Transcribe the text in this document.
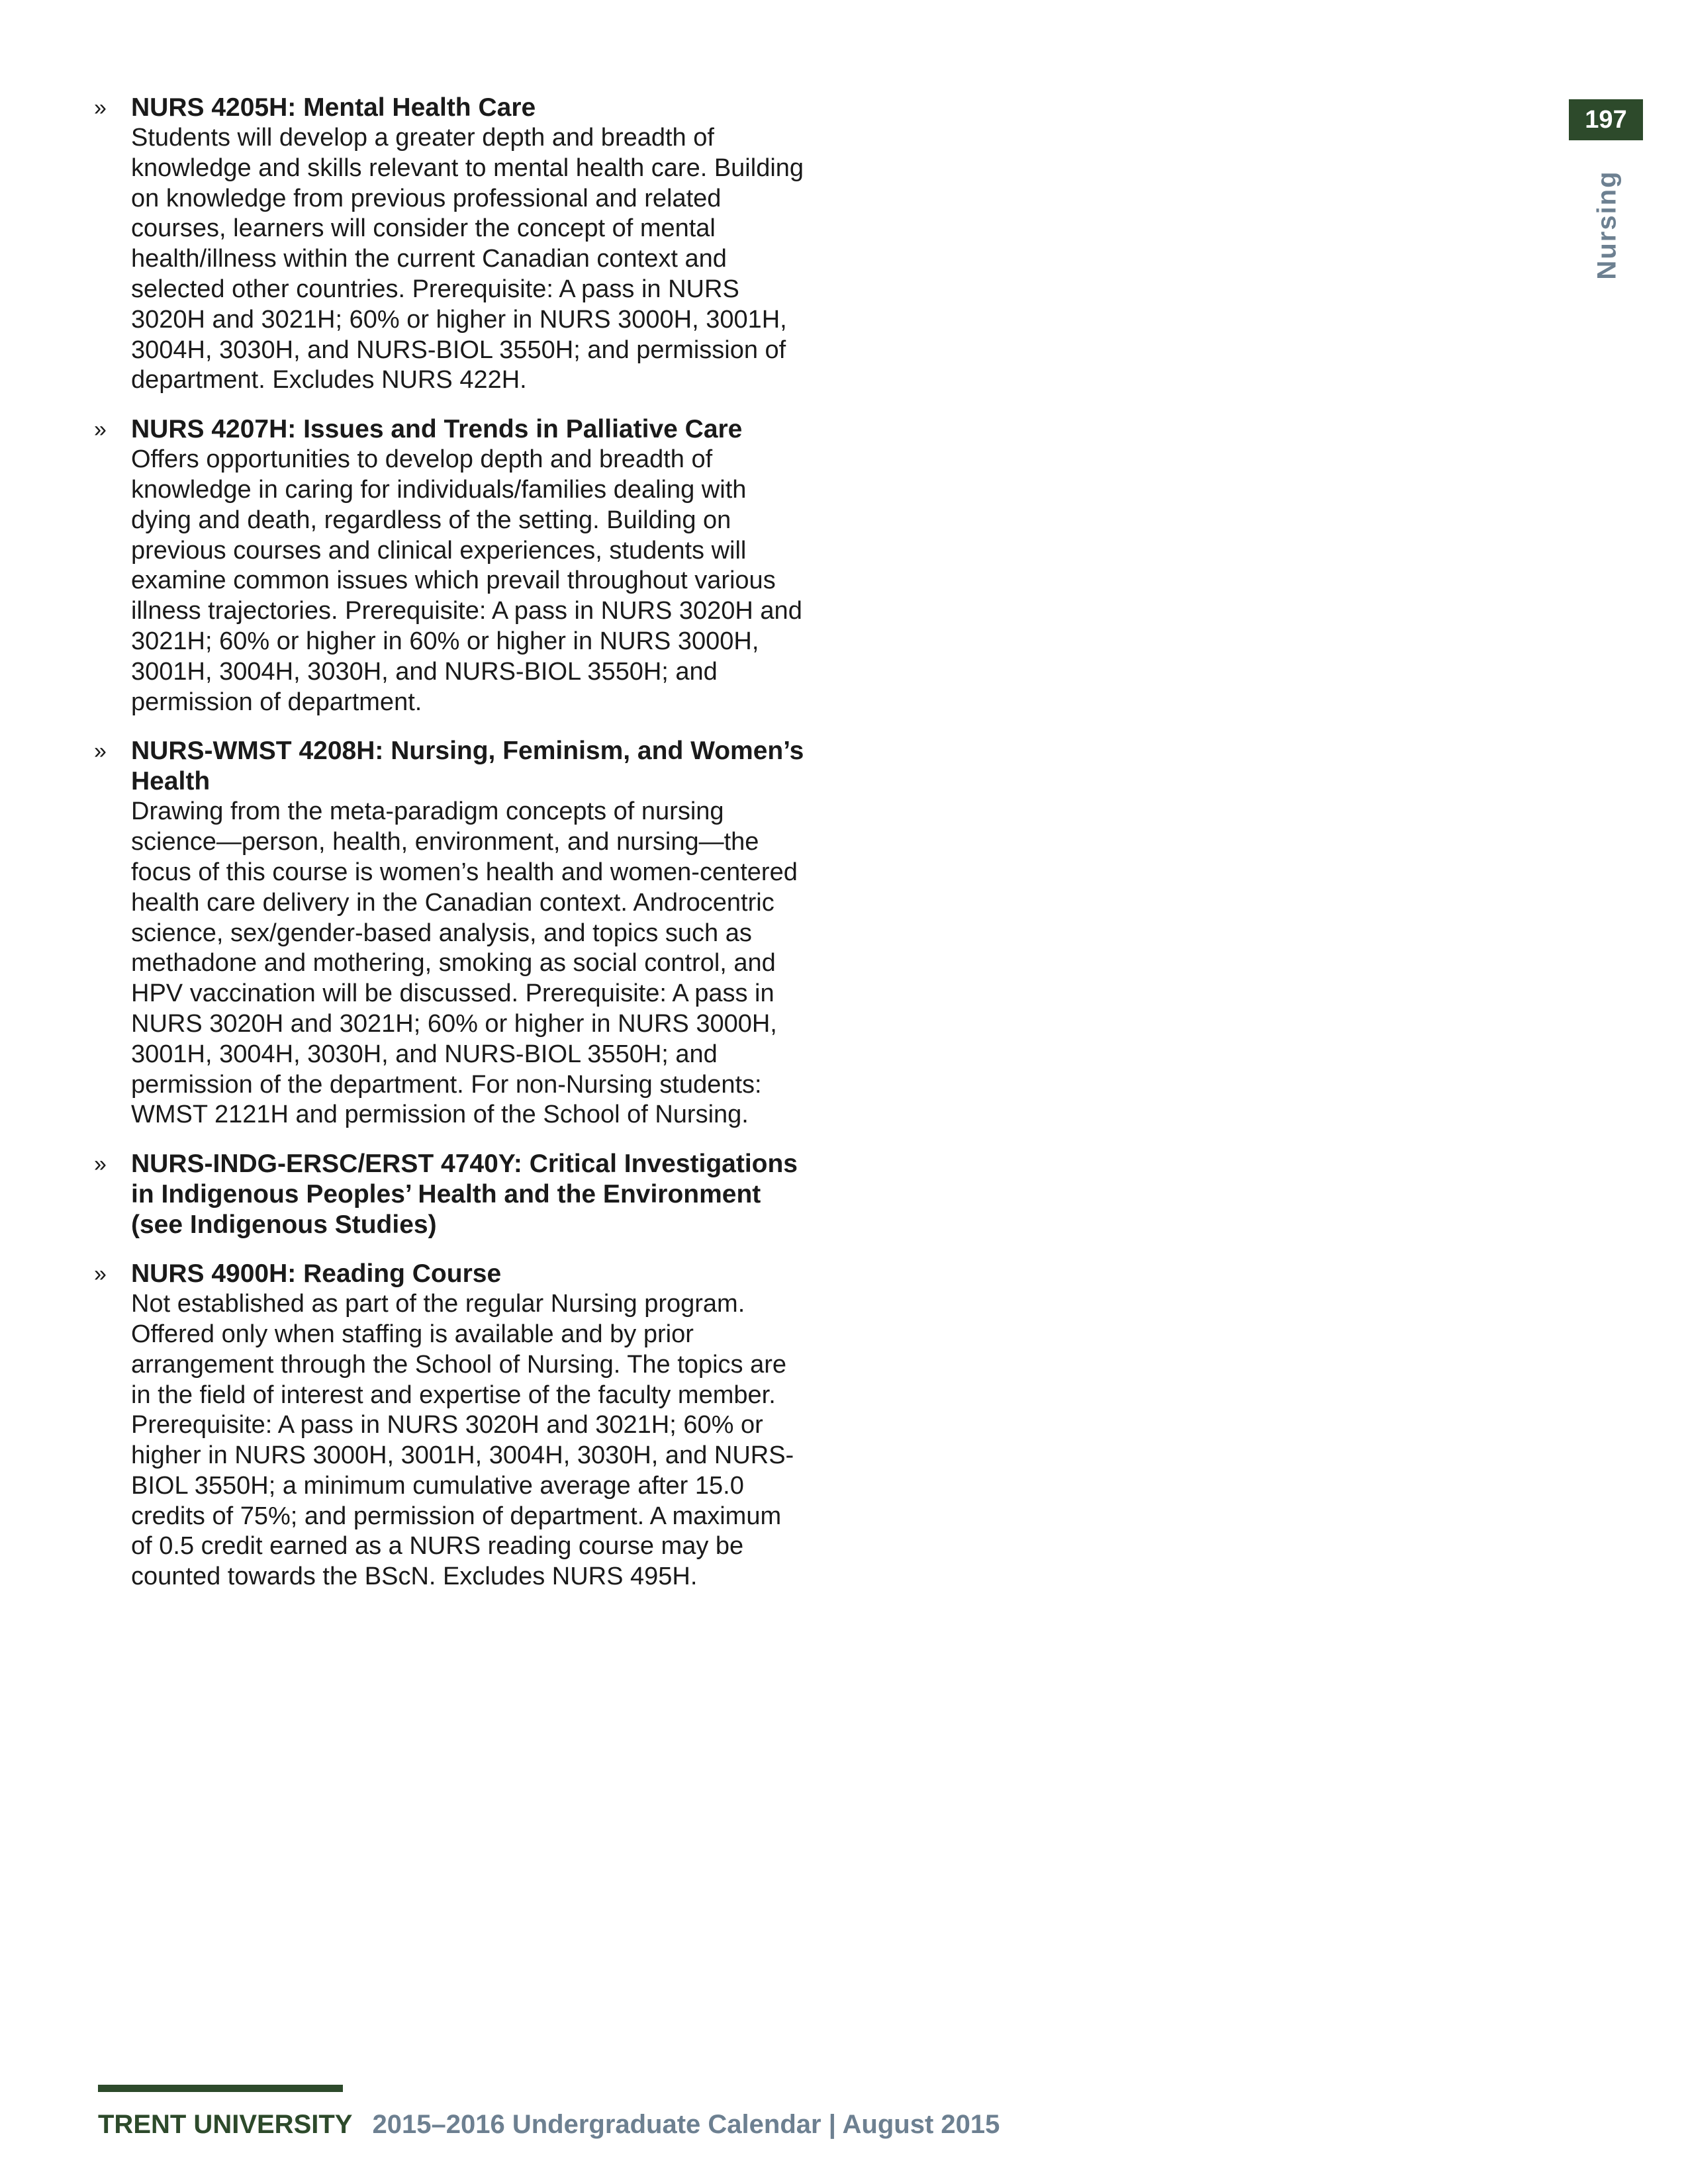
197
Nursing
» NURS 4205H: Mental Health Care

Students will develop a greater depth and breadth of knowledge and skills relevant to mental health care. Building on knowledge from previous professional and related courses, learners will consider the concept of mental health/illness within the current Canadian context and selected other countries. Prerequisite: A pass in NURS 3020H and 3021H; 60% or higher in NURS 3000H, 3001H, 3004H, 3030H, and NURS-BIOL 3550H; and permission of department. Excludes NURS 422H.

» NURS 4207H: Issues and Trends in Palliative Care

Offers opportunities to develop depth and breadth of knowledge in caring for individuals/families dealing with dying and death, regardless of the setting. Building on previous courses and clinical experiences, students will examine common issues which prevail throughout various illness trajectories. Prerequisite: A pass in NURS 3020H and 3021H; 60% or higher in 60% or higher in NURS 3000H, 3001H, 3004H, 3030H, and NURS-BIOL 3550H; and permission of department.

» NURS-WMST 4208H: Nursing, Feminism, and Women’s Health

Drawing from the meta-paradigm concepts of nursing science—person, health, environment, and nursing—the focus of this course is women’s health and women-centered health care delivery in the Canadian context. Androcentric science, sex/gender-based analysis, and topics such as methadone and mothering, smoking as social control, and HPV vaccination will be discussed. Prerequisite: A pass in NURS 3020H and 3021H; 60% or higher in NURS 3000H, 3001H, 3004H, 3030H, and NURS-BIOL 3550H; and permission of the department. For non-Nursing students: WMST 2121H and permission of the School of Nursing.

» NURS-INDG-ERSC/ERST 4740Y: Critical Investigations in Indigenous Peoples’ Health and the Environment (see Indigenous Studies)

» NURS 4900H: Reading Course

Not established as part of the regular Nursing program. Offered only when staffing is available and by prior arrangement through the School of Nursing. The topics are in the field of interest and expertise of the faculty member. Prerequisite: A pass in NURS 3020H and 3021H; 60% or higher in NURS 3000H, 3001H, 3004H, 3030H, and NURS-BIOL 3550H; a minimum cumulative average after 15.0 credits of 75%; and permission of department. A maximum of 0.5 credit earned as a NURS reading course may be counted towards the BScN. Excludes NURS 495H.

TRENT UNIVERSITY 2015–2016 Undergraduate Calendar | August 2015
